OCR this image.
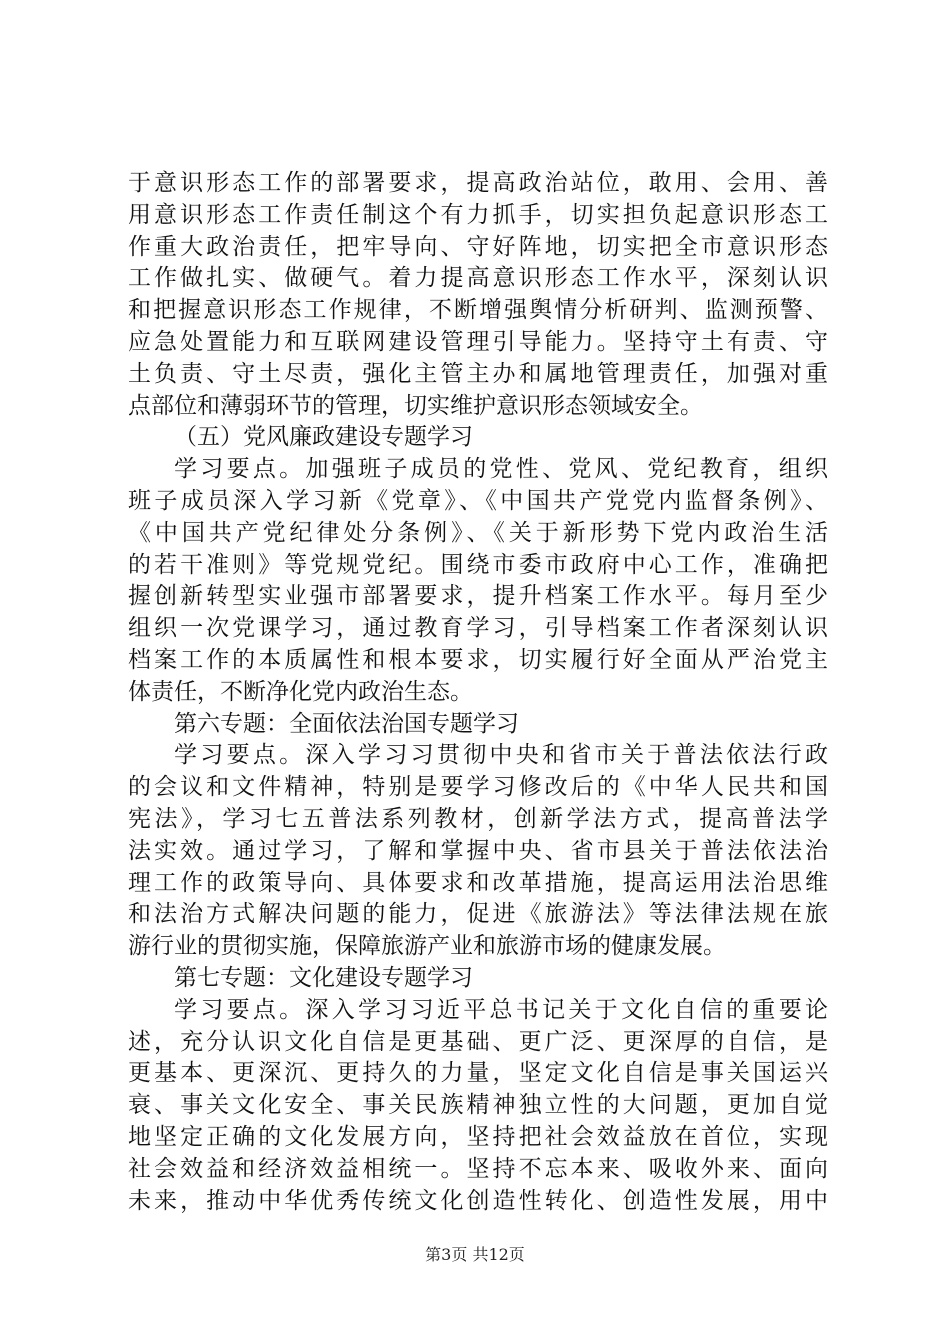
于意识形态工作的部署要求，提高政治站位，敢用、会用、善
用意识形态工作责任制这个有力抓手，切实担负起意识形态工
作重大政治责任，把牢导向、守好阵地，切实把全市意识形态
工作做扎实、做硬气。着力提高意识形态工作水平，深刻认识
和把握意识形态工作规律，不断增强舆情分析研判、监测预警、
应急处置能力和互联网建设管理引导能力。坚持守土有责、守
土负责、守土尽责，强化主管主办和属地管理责任，加强对重
点部位和薄弱环节的管理，切实维护意识形态领域安全。
（五）党风廉政建设专题学习
学习要点。加强班子成员的党性、党风、党纪教育，组织
班子成员深入学习新《党章》、《中国共产党党内监督条例》、
《中国共产党纪律处分条例》、《关于新形势下党内政治生活
的若干准则》等党规党纪。围绕市委市政府中心工作，准确把
握创新转型实业强市部署要求，提升档案工作水平。每月至少
组织一次党课学习，通过教育学习，引导档案工作者深刻认识
档案工作的本质属性和根本要求，切实履行好全面从严治党主
体责任，不断净化党内政治生态。
第六专题：全面依法治国专题学习
学习要点。深入学习习贯彻中央和省市关于普法依法行政
的会议和文件精神，特别是要学习修改后的《中华人民共和国
宪法》，学习七五普法系列教材，创新学法方式，提高普法学
法实效。通过学习，了解和掌握中央、省市县关于普法依法治
理工作的政策导向、具体要求和改革措施，提高运用法治思维
和法治方式解决问题的能力，促进《旅游法》等法律法规在旅
游行业的贯彻实施，保障旅游产业和旅游市场的健康发展。
第七专题：文化建设专题学习
学习要点。深入学习习近平总书记关于文化自信的重要论
述，充分认识文化自信是更基础、更广泛、更深厚的自信，是
更基本、更深沉、更持久的力量，坚定文化自信是事关国运兴
衰、事关文化安全、事关民族精神独立性的大问题，更加自觉
地坚定正确的文化发展方向，坚持把社会效益放在首位，实现
社会效益和经济效益相统一。坚持不忘本来、吸收外来、面向
未来，推动中华优秀传统文化创造性转化、创造性发展，用中
第3页 共12页
